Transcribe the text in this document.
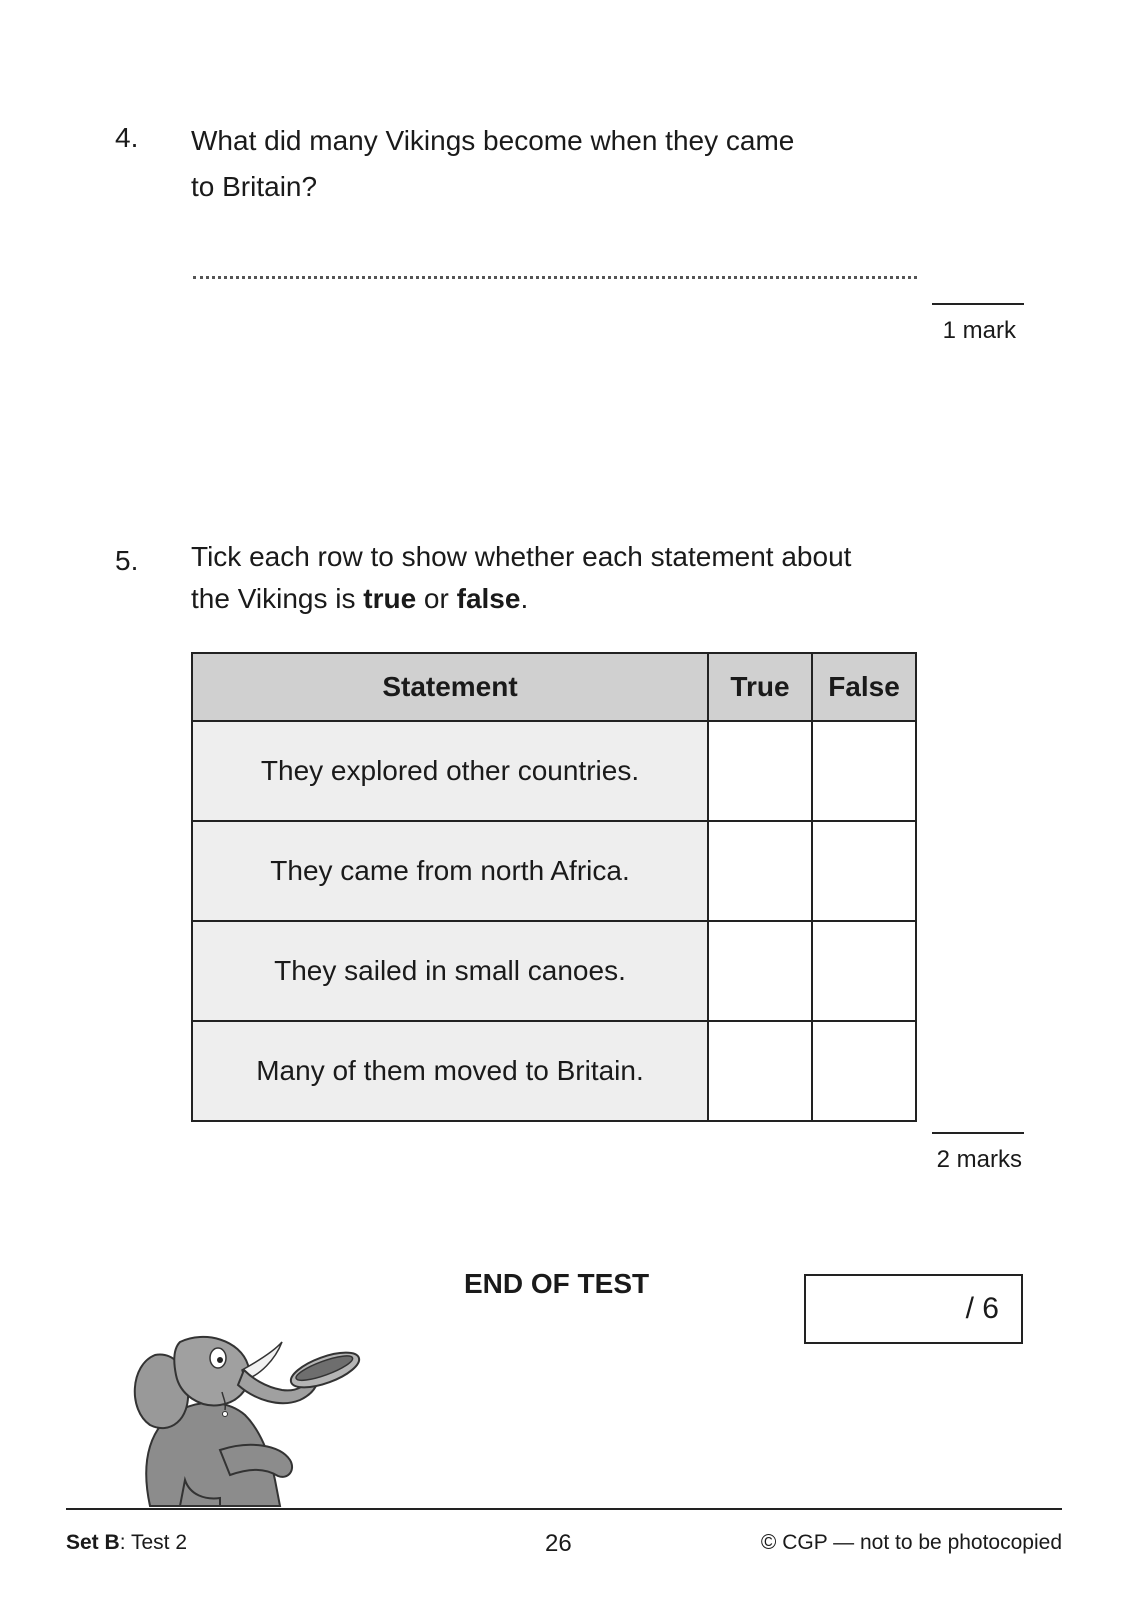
4. What did many Vikings become when they came
to Britain?
1 mark
5. Tick each row to show whether each statement about
the Vikings is true or false.
Statement	True	False
They explored other countries.		
They came from north Africa.		
They sailed in small canoes.		
Many of them moved to Britain.		
2 marks
END OF TEST
/ 6
Set B: Test 2	26	© CGP — not to be photocopied
